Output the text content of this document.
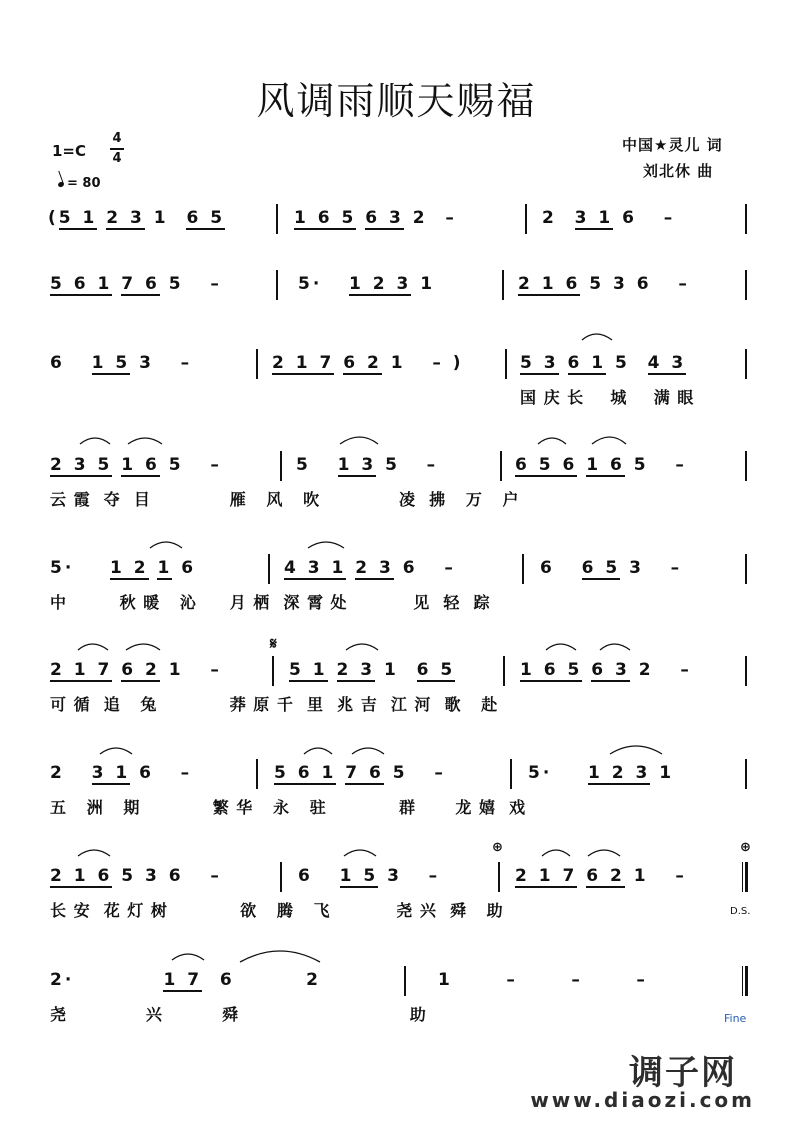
风调雨顺天赐福
1=C
4
4
= 80
中国★灵儿 词
刘北休 曲
(5 1 2 3 1  6 5	1 6 5 6 3 2  –	2  3 1 6   –
5 6 1 7 6 5   –	5·   1 2 3 1	2 1 6 5 3 6   –
6   1 5 3   –	2 1 7 6 2 1   – )	5 3 6 1 5  4 3
国 庆 长    城    满 眼
2 3 5 1 6 5   –	5   1 3 5   –	6 5 6 1 6 5   –
云 霞  夺  目            雁   风   吹            凌  拂   万   户
5·    1 2 1 6	4 3 1 2 3 6   –	6   6 5 3   –
中        秋 暖   沁     月 栖  深 霄 处          见  轻  踪
2 1 7 6 2 1   –
𝄋
5 1 2 3 1  6 5	1 6 5 6 3 2   –
可 循  追   兔           莽 原 千  里  兆 吉  江 河  歌   赴
2   3 1 6   –	5 6 1 7 6 5   –	5·    1 2 3 1
五   洲   期           繁 华   永   驻           群      龙 嬉  戏
2 1 6 5 3 6   –	6   1 5 3   –
⊕
2 1 7 6 2 1   –
⊕
长 安  花 灯 树           欲   腾   飞          尧 兴  舜   助	D.S.
2·          1 7  6        2	1      –      –      –
尧            兴         舜                          助	Fine
调子网
www.diaozi.com
